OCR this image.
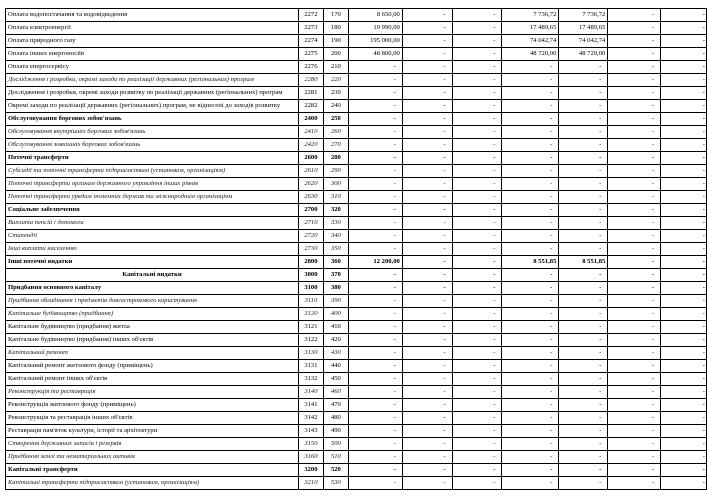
Оплата водопостачання та водовідведення	2272	170	8 650,00	-	-	7 736,72	7 736,72	-	-
Оплата електроенергії	2273	180	19 990,00	-	-	17 489,65	17 489,65	-	-
Оплата природного газу	2274	190	195 000,00	-	-	74 042,74	74 042,74	-	-
Оплата інших енергоносіїв	2275	200	48 800,00	-	-	48 720,00	48 720,00	-	-
Оплата енергосервісу	2276	210	-	-	-	-	-	-	-
Дослідження і розробки, окремі заходи по реалізації державних (регіональних) програм	2280	220	-	-	-	-	-	-	-
Дослідження і розробки, окремі заходи розвитку по реалізації державних (регіональних) програм	2281	230	-	-	-	-	-	-	-
Окремі заходи по реалізації державних (регіональних) програм, не віднесені до заходів розвитку	2282	240	-	-	-	-	-	-	-
Обслуговування боргових зобов'язань	2400	250	-	-	-	-	-	-	-
Обслуговування внутрішніх боргових зобов'язань	2410	260	-	-	-	-	-	-	-
Обслуговування зовнішніх боргових зобов'язань	2420	270	-	-	-	-	-	-	-
Поточні трансферти	2600	280	-	-	-	-	-	-	-
Субсидії та поточні трансферти підприємствам (установам, організаціям)	2610	290	-	-	-	-	-	-	-
Поточні трансферти органам державного управління інших рівнів	2620	300	-	-	-	-	-	-	-
Поточні трансферти урядам іноземних держав та міжнародним організаціям	2630	310	-	-	-	-	-	-	-
Соціальне забезпечення	2700	320	-	-	-	-	-	-	-
Виплата пенсій і допомоги	2710	330	-	-	-	-	-	-	-
Стипендії	2720	340	-	-	-	-	-	-	-
Інші виплати населенню	2730	350	-	-	-	-	-	-	-
Інші поточні видатки	2800	360	12 200,00	-	-	8 551,85	8 551,85	-	-
Капітальні видатки	3000	370	-	-	-	-	-	-	-
Придбання основного капіталу	3100	380	-	-	-	-	-	-	-
Придбання обладнання і предметів довгострокового користування	3110	390	-	-	-	-	-	-	-
Капітальне будівництво (придбання)	3120	400	-	-	-	-	-	-	-
Капітальне будівництво (придбання) житла	3121	410	-	-	-	-	-	-	-
Капітальне будівництво (придбання) інших об'єктів	3122	420	-	-	-	-	-	-	-
Капітальний ремонт	3130	430	-	-	-	-	-	-	-
Капітальний ремонт житлового фонду (приміщень)	3131	440	-	-	-	-	-	-	-
Капітальний ремонт інших об'єктів	3132	450	-	-	-	-	-	-	-
Реконструкція та реставрація	3140	460	-	-	-	-	-	-	-
Реконструкція житлового фонду (приміщень)	3141	470	-	-	-	-	-	-	-
Реконструкція та реставрація інших об'єктів	3142	480	-	-	-	-	-	-	-
Реставрація пам'яток культури, історії та архітектури	3143	490	-	-	-	-	-	-	-
Створення державних запасів і резервів	3150	500	-	-	-	-	-	-	-
Придбання землі та нематеріальних активів	3160	510	-	-	-	-	-	-	-
Капітальні трансферти	3200	520	-	-	-	-	-	-	-
Капітальні трансферти підприємствам (установам, організаціям)	3210	530	-	-	-	-	-	-	-
